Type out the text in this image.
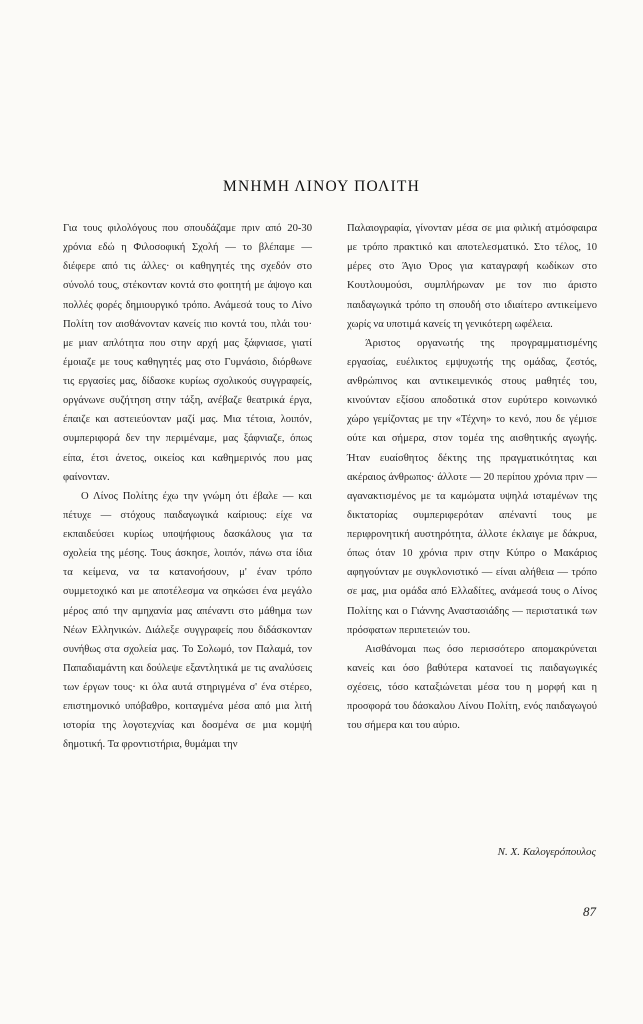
ΜΝΗΜΗ ΛΙΝΟΥ ΠΟΛΙΤΗ

Για τους φιλολόγους που σπουδάζαμε πριν από 20-30 χρόνια εδώ η Φιλοσοφική Σχολή — το βλέπαμε — διέφερε από τις άλλες· οι καθηγητές της σχεδόν στο σύνολό τους, στέκονταν κοντά στο φοιτητή με άψογο και πολλές φορές δημιουργικό τρόπο. Ανάμεσά τους το Λίνο Πολίτη τον αισθάνονταν κανείς πιο κοντά του, πλάι του· με μιαν απλότητα που στην αρχή μας ξάφνιασε, γιατί έμοιαζε με τους καθηγητές μας στο Γυμνάσιο, διόρθωνε τις εργασίες μας, δίδασκε κυρίως σχολικούς συγγραφείς, οργάνωνε συζήτηση στην τάξη, ανέβαζε θεατρικά έργα, έπαιζε και αστειεύονταν μαζί μας. Μια τέτοια, λοιπόν, συμπεριφορά δεν την περιμέναμε, μας ξάφνιαζε, όπως είπα, έτσι άνετος, οικείος και καθημερινός που μας φαίνονταν.

Ο Λίνος Πολίτης έχω την γνώμη ότι έβαλε — και πέτυχε — στόχους παιδαγωγικά καίριους: είχε να εκπαιδεύσει κυρίως υποψήφιους δασκάλους για τα σχολεία της μέσης. Τους άσκησε, λοιπόν, πάνω στα ίδια τα κείμενα, να τα κατανοήσουν, μ' έναν τρόπο συμμετοχικό και με αποτέλεσμα να σηκώσει ένα μεγάλο μέρος από την αμηχανία μας απέναντι στο μάθημα των Νέων Ελληνικών. Διάλεξε συγγραφείς που διδάσκονταν συνήθως στα σχολεία μας. Το Σολωμό, τον Παλαμά, τον Παπαδιαμάντη και δούλεψε εξαντλητικά με τις αναλύσεις των έργων τους· κι όλα αυτά στηριγμένα σ' ένα στέρεο, επιστημονικό υπόβαθρο, κοιταγμένα μέσα από μια λιτή ιστορία της λογοτεχνίας και δοσμένα σε μια κομψή δημοτική. Τα φροντιστήρια, θυμάμαι την

Παλαιογραφία, γίνονταν μέσα σε μια φιλική ατμόσφαιρα με τρόπο πρακτικό και αποτελεσματικό. Στο τέλος, 10 μέρες στο Άγιο Όρος για καταγραφή κωδίκων στο Κουτλουμούσι, συμπλήρωναν με τον πιο άριστο παιδαγωγικά τρόπο τη σπουδή στο ιδιαίτερο αντικείμενο χωρίς να υποτιμά κανείς τη γενικότερη ωφέλεια.

Άριστος οργανωτής της προγραμματισμένης εργασίας, ευέλικτος εμψυχωτής της ομάδας, ζεστός, ανθρώπινος και αντικειμενικός στους μαθητές του, κινούνταν εξίσου αποδοτικά στον ευρύτερο κοινωνικό χώρο γεμίζοντας με την «Τέχνη» το κενό, που δε γέμισε ούτε και σήμερα, στον τομέα της αισθητικής αγωγής. Ήταν ευαίσθητος δέκτης της πραγματικότητας και ακέραιος άνθρωπος· άλλοτε — 20 περίπου χρόνια πριν — αγανακτισμένος με τα καμώματα υψηλά ισταμένων της δικτατορίας συμπεριφερόταν απέναντί τους με περιφρονητική αυστηρότητα, άλλοτε έκλαιγε με δάκρυα, όπως όταν 10 χρόνια πριν στην Κύπρο ο Μακάριος αφηγούνταν με συγκλονιστικό — είναι αλήθεια — τρόπο σε μας, μια ομάδα από Ελλαδίτες, ανάμεσά τους ο Λίνος Πολίτης και ο Γιάννης Αναστασιάδης — περιστατικά των πρόσφατων περιπετειών του.

Αισθάνομαι πως όσο περισσότερο απομακρύνεται κανείς και όσο βαθύτερα κατανοεί τις παιδαγωγικές σχέσεις, τόσο καταξιώνεται μέσα του η μορφή και η προσφορά του δάσκαλου Λίνου Πολίτη, ενός παιδαγωγού του σήμερα και του αύριο.

Ν. Χ. Καλογερόπουλος
87
